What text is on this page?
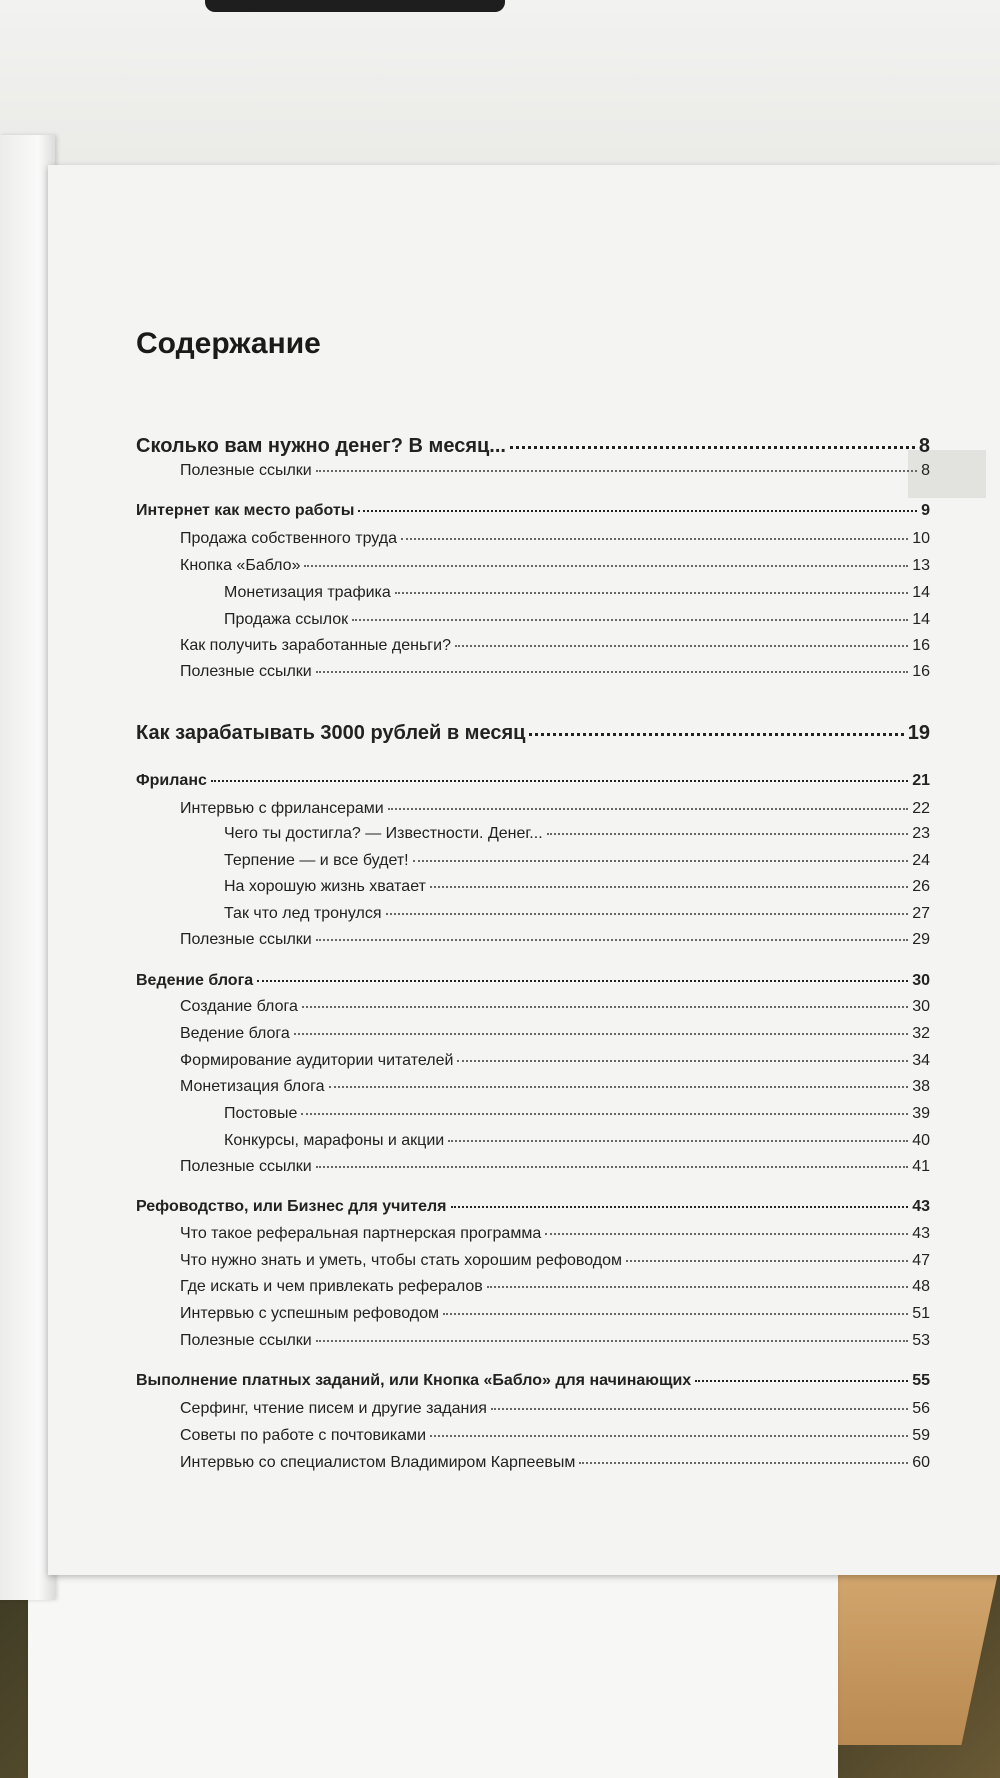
Содержание
Сколько вам нужно денег? В месяц...	8
Полезные ссылки	8
Интернет как место работы	9
Продажа собственного труда	10
Кнопка «Бабло»	13
Монетизация трафика	14
Продажа ссылок	14
Как получить заработанные деньги?	16
Полезные ссылки	16
Как зарабатывать 3000 рублей в месяц	19
Фриланс	21
Интервью с фрилансерами	22
Чего ты достигла? — Известности. Денег...	23
Терпение — и все будет!	24
На хорошую жизнь хватает	26
Так что лед тронулся	27
Полезные ссылки	29
Ведение блога	30
Создание блога	30
Ведение блога	32
Формирование аудитории читателей	34
Монетизация блога	38
Постовые	39
Конкурсы, марафоны и акции	40
Полезные ссылки	41
Рефоводство, или Бизнес для учителя	43
Что такое реферальная партнерская программа	43
Что нужно знать и уметь, чтобы стать хорошим рефоводом	47
Где искать и чем привлекать рефералов	48
Интервью с успешным рефоводом	51
Полезные ссылки	53
Выполнение платных заданий, или Кнопка «Бабло» для начинающих	55
Серфинг, чтение писем и другие задания	56
Советы по работе с почтовиками	59
Интервью со специалистом Владимиром Карпеевым	60
